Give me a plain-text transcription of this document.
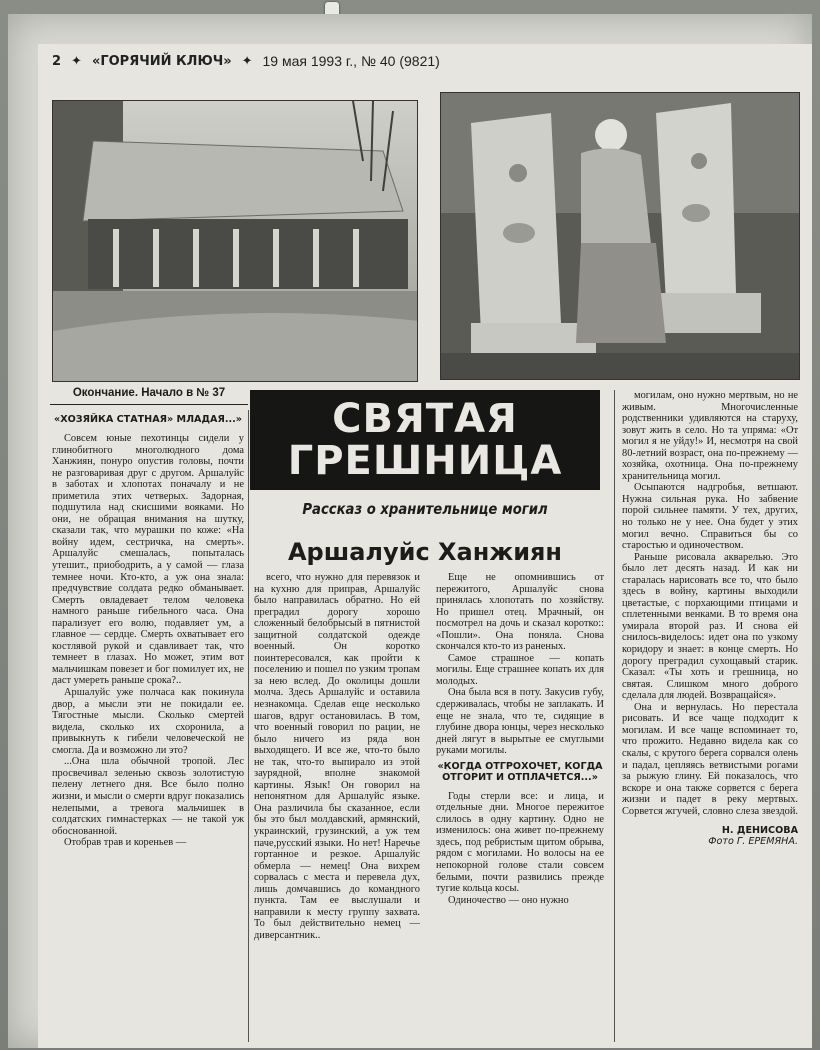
2 ✦ «ГОРЯЧИЙ КЛЮЧ» ✦ 19 мая 1993 г., № 40 (9821)
Окончание. Начало в № 37
СВЯТАЯ
ГРЕШНИЦА
Рассказ о хранительнице могил
Аршалуйс Ханжиян

«ХОЗЯЙКА СТАТНАЯ» МЛАДАЯ...»

Совсем юные пехотинцы сидели у глинобитного многолюдного дома Ханжиян, понуро опустив головы, почти не разговаривая друг с другом. Аршалуйс в заботах и хлопотах поначалу и не приметила этих четверых. Задорная, подшутила над скисшими вояками. Но они, не обращая внимания на шутку, сказали так, что мурашки по коже: «На войну идем, сестричка, на смерть». Аршалуйс смешалась, попыталась утешит., приободрить, а у самой — глаза темнее ночи. Кто-кто, а уж она знала: предчувствие солдата редко обманывает. Смерть овладевает телом человека намного раньше гибельного часа. Она парализует его волю, подавляет ум, а главное — сердце. Смерть охватывает его костлявой рукой и сдавливает так, что темнеет в глазах. Но может, этим вот мальчишкам повезет и бог помилует их, не даст умереть раньше срока?..

Аршалуйс уже полчаса как покинула двор, а мысли эти не покидали ее. Тягостные мысли. Сколько смертей видела, сколько их схоронила, а привыкнуть к гибели человеческой не смогла. Да и возможно ли это?

...Она шла обычной тропой. Лес просвечивал зеленью сквозь золотистую пелену летнего дня. Все было полно жизни, и мысли о смерти вдруг показались нелепыми, а тревога мальчишек в солдатских гимнастерках — не такой уж обоснованной.

Отобрав трав и кореньев —

всего, что нужно для перевязок и на кухню для приправ, Аршалуйс было направилась обратно. Но ей преградил дорогу хорошо сложенный белобрысый в пятнистой защитной солдатской одежде военный. Он коротко поинтересовался, как пройти к поселению и пошел по узким тропам за нею вслед. До околицы дошли молча. Здесь Аршалуйс и оставила незнакомца. Сделав еще несколько шагов, вдруг остановилась. В том, что военный говорил по рации, не было ничего из ряда вон выходящего. И все же, что-то было не так, что-то выпирало из этой заурядной, вполне знакомой картины. Язык! Он говорил на непонятном для Аршалуйс языке. Она различила бы сказанное, если бы это был молдавский, армянский, украинский, грузинский, а уж тем паче,русский языки. Но нет! Наречье гортанное и резкое. Аршалуйс обмерла — немец! Она вихрем сорвалась с места и перевела дух, лишь домчавшись до командного пункта. Там ее выслушали и направили к месту группу захвата. То был действительно немец — диверсантник..

Еще не опомнившись от пережитого, Аршалуйс снова принялась хлопотать по хозяйству. Но пришел отец. Мрачный, он посмотрел на дочь и сказал коротко:: «Пошли». Она поняла. Снова скончался кто-то из раненых.

Самое страшное — копать могилы. Еще страшнее копать их для молодых.

Она была вся в поту. Закусив губу, сдерживалась, чтобы не заплакать. И еще не знала, что те, сидящие в глубине двора юнцы, через несколько дней лягут в вырытые ее смуглыми руками могилы.

«КОГДА ОТГРОХОЧЕТ, КОГДА ОТГОРИТ И ОТПЛАЧЕТСЯ...»

Годы стерли все: и лица, и отдельные дни. Многое пережитое слилось в одну картину. Одно не изменилось: она живет по-прежнему здесь, под ребристым щитом обрыва, рядом с могилами. Но волосы на ее непокорной голове стали совсем белыми, почти развились прежде тугие кольца косы.

Одиночество — оно нужно

могилам, оно нужно мертвым, но не живым. Многочисленные родственники удивляются на старуху, зовут жить в село. Но та упряма: «От могил я не уйду!» И, несмотря на свой 80-летний возраст, она по-прежнему — хозяйка, охотница. Она по-прежнему хранительница могил.

Осыпаются надгробья, ветшают. Нужна сильная рука. Но забвение порой сильнее памяти. У тех, других, но только не у нее. Она будет у этих могил вечно. Справиться бы со старостью и одиночеством.

Раньше рисовала акварелью. Это было лет десять назад. И как ни старалась нарисовать все то, что было здесь в войну, картины выходили цветастые, с порхающими птицами и сплетенными венками. В то время она умирала второй раз. И снова ей снилось-виделось: идет она по узкому коридору и знает: в конце смерть. Но дорогу преградил сухощавый старик. Сказал: «Ты хоть и грешница, но святая. Слишком много доброго сделала для людей. Возвращайся».

Она и вернулась. Но перестала рисовать. И все чаще подходит к могилам. И все чаще вспоминает то, что прожито. Недавно видела как со скалы, с крутого берега сорвался олень и падал, цепляясь ветвистыми рогами за рыжую глину. Ей показалось, что вскоре и она также сорвется с берега жизни и падет в реку мертвых. Сорвется жгучей, словно слеза звездой.

Н. ДЕНИСОВА
Фото Г. ЕРЕМЯНА.
